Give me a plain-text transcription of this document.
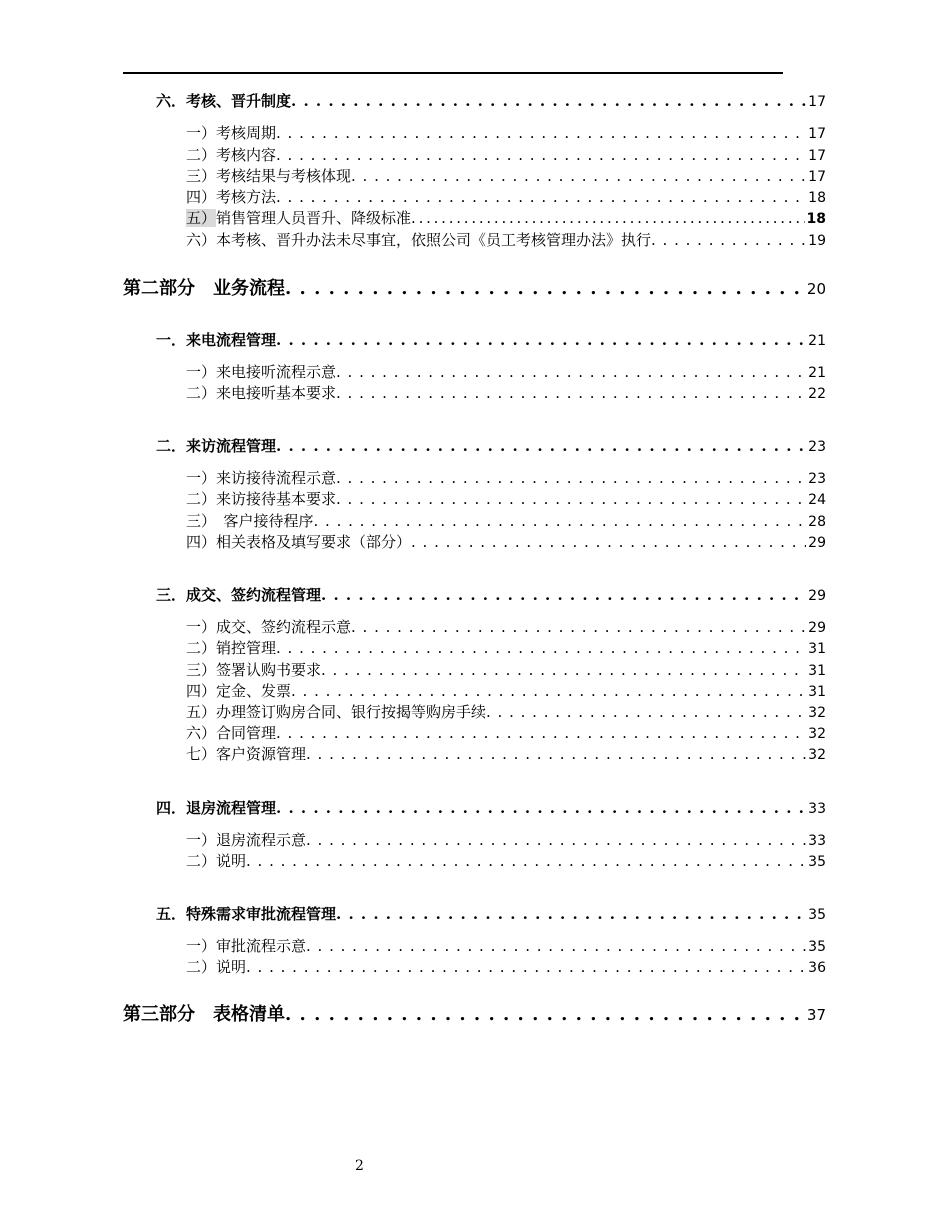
六．考核、晋升制度 . . .	17
一）考核周期 . . .	17
二）考核内容 . . .	17
三）考核结果与考核体现 . . .	17
四）考核方法 . . .	18
五）销售管理人员晋升、降级标准 . . .	18
六）本考核、晋升办法未尽事宜，依照公司《员工考核管理办法》执行 . . .	19
第二部分　业务流程 . . .	20
一．来电流程管理 . . .	21
一）来电接听流程示意 . . .	21
二）来电接听基本要求 . . .	22
二．来访流程管理 . . .	23
一）来访接待流程示意 . . .	23
二）来访接待基本要求 . . .	24
三）　客户接待程序 . . .	28
四）相关表格及填写要求（部分） . . .	29
三．成交、签约流程管理 . . .	29
一）成交、签约流程示意 . . .	29
二）销控管理 . . .	31
三）签署认购书要求 . . .	31
四）定金、发票 . . .	31
五）办理签订购房合同、银行按揭等购房手续 . . .	32
六）合同管理 . . .	32
七）客户资源管理 . . .	32
四．退房流程管理 . . .	33
一）退房流程示意 . . .	33
二）说明 . . .	35
五．特殊需求审批流程管理 . . .	35
一）审批流程示意 . . .	35
二）说明 . . .	36
第三部分　表格清单 . . .	37
2
